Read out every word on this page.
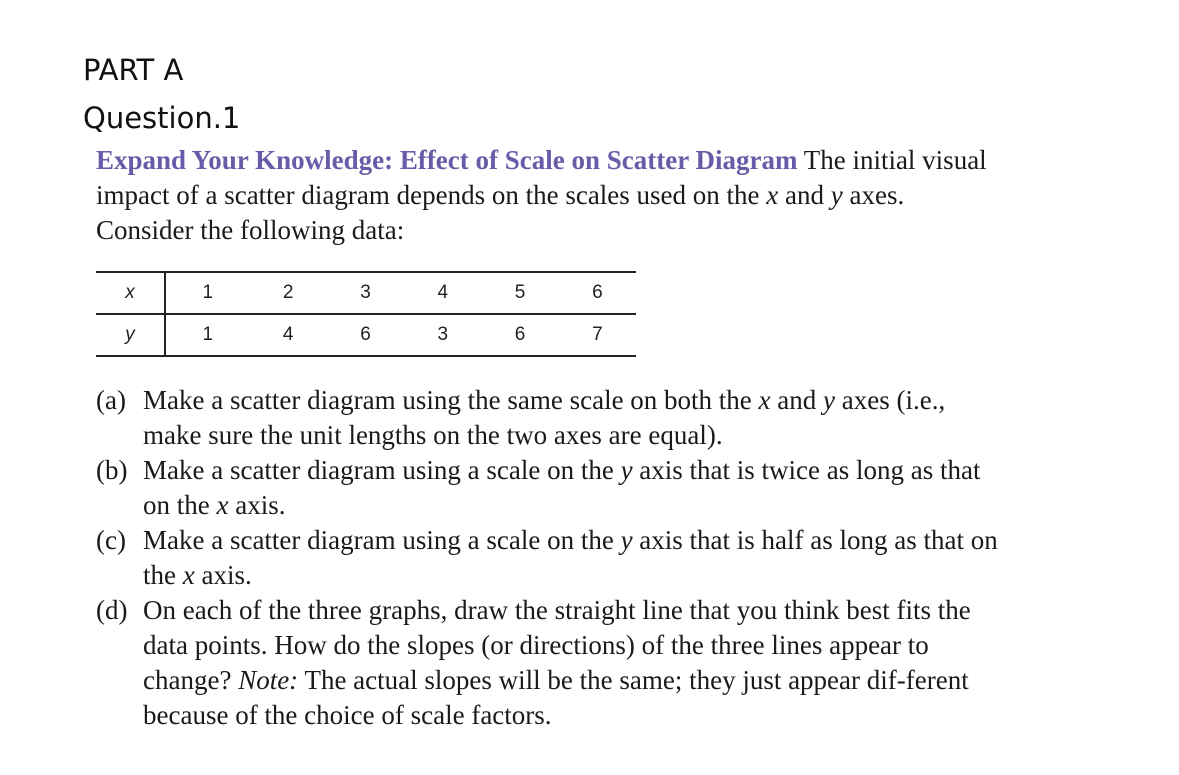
PART A
Question.1

Expand Your Knowledge: Effect of Scale on Scatter Diagram The initial visual impact of a scatter diagram depends on the scales used on the x and y axes. Consider the following data:

x	1	2	3	4	5	6
y	1	4	6	3	6	7
(a) Make a scatter diagram using the same scale on both the x and y axes (i.e., make sure the unit lengths on the two axes are equal).
(b) Make a scatter diagram using a scale on the y axis that is twice as long as that on the x axis.
(c) Make a scatter diagram using a scale on the y axis that is half as long as that on the x axis.
(d) On each of the three graphs, draw the straight line that you think best fits the data points. How do the slopes (or directions) of the three lines appear to change? Note: The actual slopes will be the same; they just appear dif-ferent because of the choice of scale factors.
